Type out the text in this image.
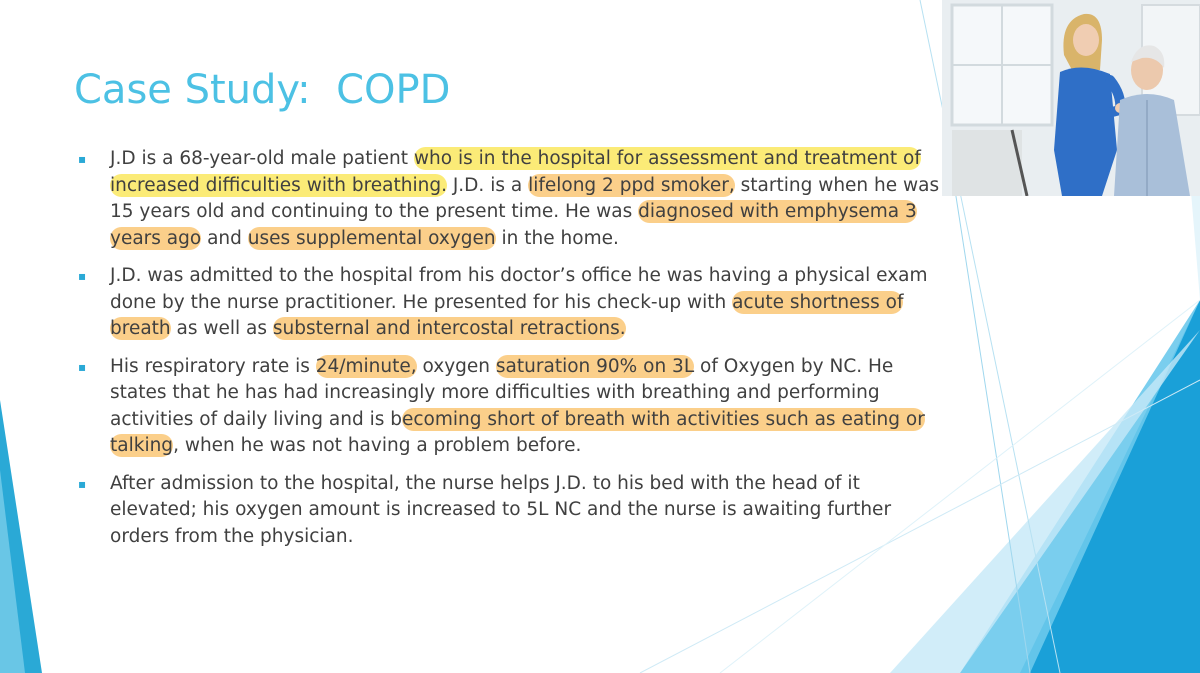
Case Study:  COPD
▪ J.D is a 68-year-old male patient who is in the hospital for assessment and treatment of increased difficulties with breathing. J.D. is a lifelong 2 ppd smoker, starting when he was 15 years old and continuing to the present time. He was diagnosed with emphysema 3 years ago and uses supplemental oxygen in the home.
▪ J.D. was admitted to the hospital from his doctor’s office he was having a physical exam done by the nurse practitioner. He presented for his check-up with acute shortness of breath as well as substernal and intercostal retractions.
▪ His respiratory rate is 24/minute, oxygen saturation 90% on 3L of Oxygen by NC. He states that he has had increasingly more difficulties with breathing and performing activities of daily living and is becoming short of breath with activities such as eating or talking, when he was not having a problem before.
▪ After admission to the hospital, the nurse helps J.D. to his bed with the head of it elevated; his oxygen amount is increased to 5L NC and the nurse is awaiting further orders from the physician.
